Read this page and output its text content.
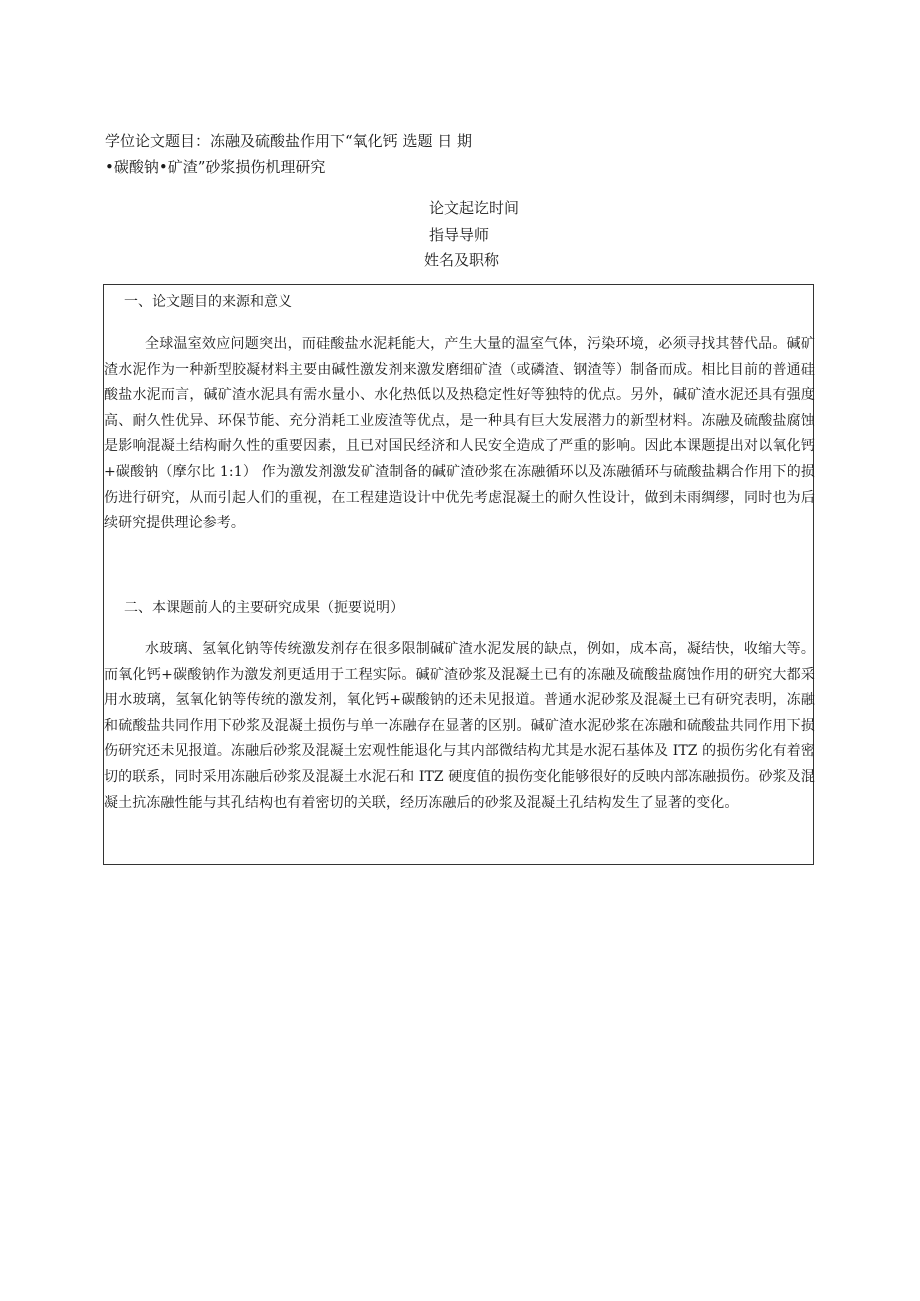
学位论文题目：冻融及硫酸盐作用下“氧化钙 选题 日 期
•碳酸钠•矿渣”砂浆损伤机理研究
论文起讫时间
指导导师
姓名及职称
一、论文题目的来源和意义

全球温室效应问题突出，而硅酸盐水泥耗能大，产生大量的温室气体，污染环境，必须寻找其替代品。碱矿渣水泥作为一种新型胶凝材料主要由碱性激发剂来激发磨细矿渣（或磷渣、钢渣等）制备而成。相比目前的普通硅酸盐水泥而言，碱矿渣水泥具有需水量小、水化热低以及热稳定性好等独特的优点。另外，碱矿渣水泥还具有强度高、耐久性优异、环保节能、充分消耗工业废渣等优点，是一种具有巨大发展潜力的新型材料。冻融及硫酸盐腐蚀是影响混凝土结构耐久性的重要因素，且已对国民经济和人民安全造成了严重的影响。因此本课题提出对以氧化钙+碳酸钠（摩尔比 1:1） 作为激发剂激发矿渣制备的碱矿渣砂浆在冻融循环以及冻融循环与硫酸盐耦合作用下的损伤进行研究，从而引起人们的重视，在工程建造设计中优先考虑混凝土的耐久性设计，做到未雨绸缪，同时也为后续研究提供理论参考。

二、本课题前人的主要研究成果（扼要说明）

水玻璃、氢氧化钠等传统激发剂存在很多限制碱矿渣水泥发展的缺点，例如，成本高，凝结快，收缩大等。而氧化钙+碳酸钠作为激发剂更适用于工程实际。碱矿渣砂浆及混凝土已有的冻融及硫酸盐腐蚀作用的研究大都采用水玻璃，氢氧化钠等传统的激发剂，氧化钙+碳酸钠的还未见报道。普通水泥砂浆及混凝土已有研究表明，冻融和硫酸盐共同作用下砂浆及混凝土损伤与单一冻融存在显著的区别。碱矿渣水泥砂浆在冻融和硫酸盐共同作用下损伤研究还未见报道。冻融后砂浆及混凝土宏观性能退化与其内部微结构尤其是水泥石基体及 ITZ 的损伤劣化有着密切的联系，同时采用冻融后砂浆及混凝土水泥石和 ITZ 硬度值的损伤变化能够很好的反映内部冻融损伤。砂浆及混凝土抗冻融性能与其孔结构也有着密切的关联，经历冻融后的砂浆及混凝土孔结构发生了显著的变化。
